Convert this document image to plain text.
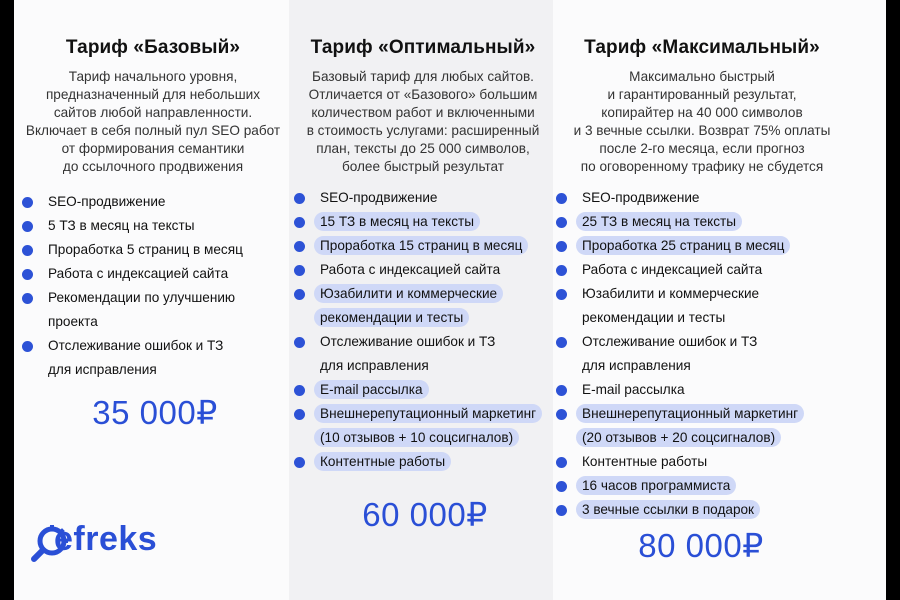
Тариф «Базовый»
Тариф начального уровня,
предназначенный для небольших
сайтов любой направленности.
Включает в себя полный пул SEO работ
от формирования семантики
до ссылочного продвижения
SEO-продвижение
5 ТЗ в месяц на тексты
Проработка 5 страниц в месяц
Работа с индексацией сайта
Рекомендации по улучшению
проекта
Отслеживание ошибок и ТЗ
для исправления
Тариф «Оптимальный»
Базовый тариф для любых сайтов.
Отличается от «Базового» большим
количеством работ и включенными
в стоимость услугами: расширенный
план, тексты до 25 000 символов,
более быстрый результат
SEO-продвижение
15 ТЗ в месяц на тексты
Проработка 15 страниц в месяц
Работа с индексацией сайта
Юзабилити и коммерческие
рекомендации и тесты
Отслеживание ошибок и ТЗ
для исправления
E-mail рассылка
Внешнерепутационный маркетинг
(10 отзывов + 10 соцсигналов)
Контентные работы
Тариф «Максимальный»
Максимально быстрый
и гарантированный результат,
копирайтер на 40 000 символов
и 3 вечные ссылки. Возврат 75% оплаты
после 2-го месяца, если прогноз
по оговоренному трафику не сбудется
SEO-продвижение
25 ТЗ в месяц на тексты
Проработка 25 страниц в месяц
Работа с индексацией сайта
Юзабилити и коммерческие
рекомендации и тесты
Отслеживание ошибок и ТЗ
для исправления
E-mail рассылка
Внешнерепутационный маркетинг
(20 отзывов + 20 соцсигналов)
Контентные работы
16 часов программиста
3 вечные ссылки в подарок
35 000₽
60 000₽
80 000₽
efreks
